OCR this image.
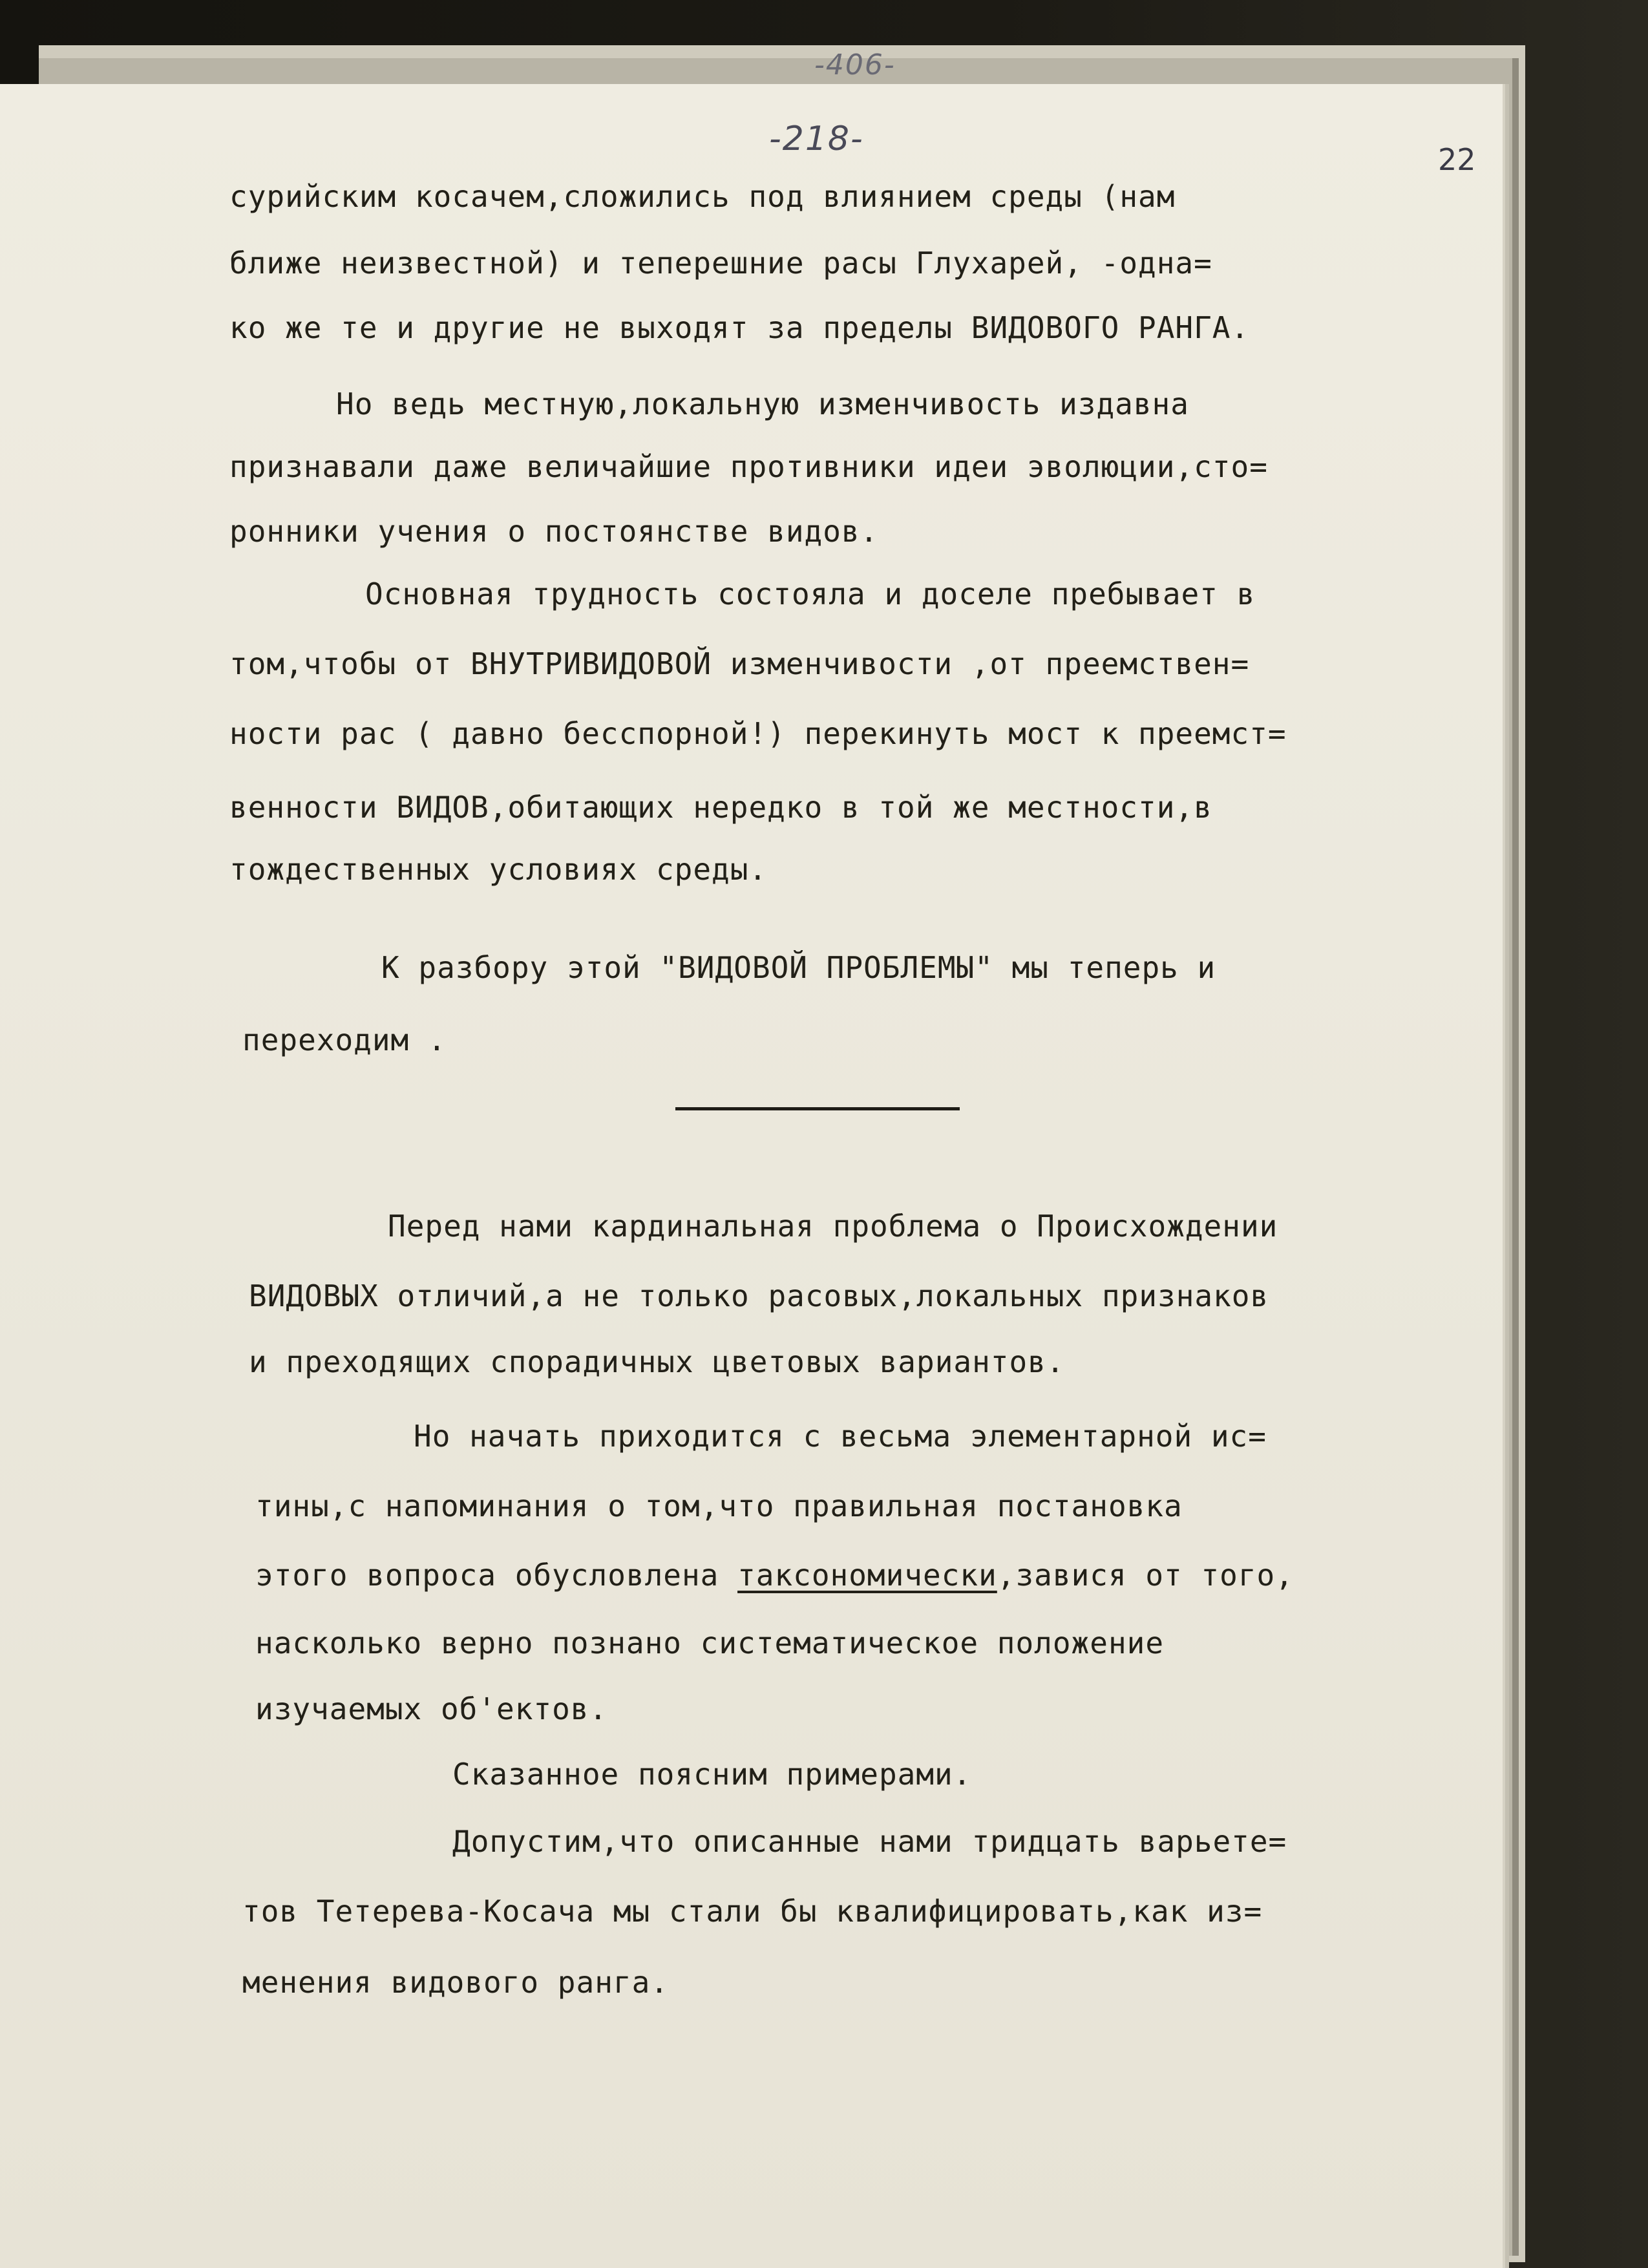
-406-
-218-
22
сурийским косачем,сложились под влиянием среды (нам
ближе неизвестной) и теперешние расы Глухарей, -одна=
ко же те и другие не выходят за пределы ВИДОВОГО РАНГА.
Но ведь местную,локальную изменчивость издавна
признавали даже величайшие противники идеи эволюции,сто=
ронники учения о постоянстве видов.
Основная трудность состояла и доселе пребывает в
том,чтобы от ВНУТРИВИДОВОЙ изменчивости ,от преемствен=
ности рас ( давно бесспорной!) перекинуть мост к преемст=
венности ВИДОВ,обитающих нередко в той же местности,в
тождественных условиях среды.
К разбору этой "ВИДОВОЙ ПРОБЛЕМЫ" мы теперь и
переходим .
Перед нами кардинальная проблема о Происхождении
ВИДОВЫХ отличий,а не только расовых,локальных признаков
и преходящих спорадичных цветовых вариантов.
Но начать приходится с весьма элементарной ис=
тины,с напоминания о том,что правильная постановка
этого вопроса обусловлена таксономически,завися от того,
насколько верно познано систематическое положение
изучаемых об'ектов.
Сказанное поясним примерами.
Допустим,что описанные нами тридцать варьете=
тов Тетерева-Косача мы стали бы квалифицировать,как из=
менения видового ранга.
